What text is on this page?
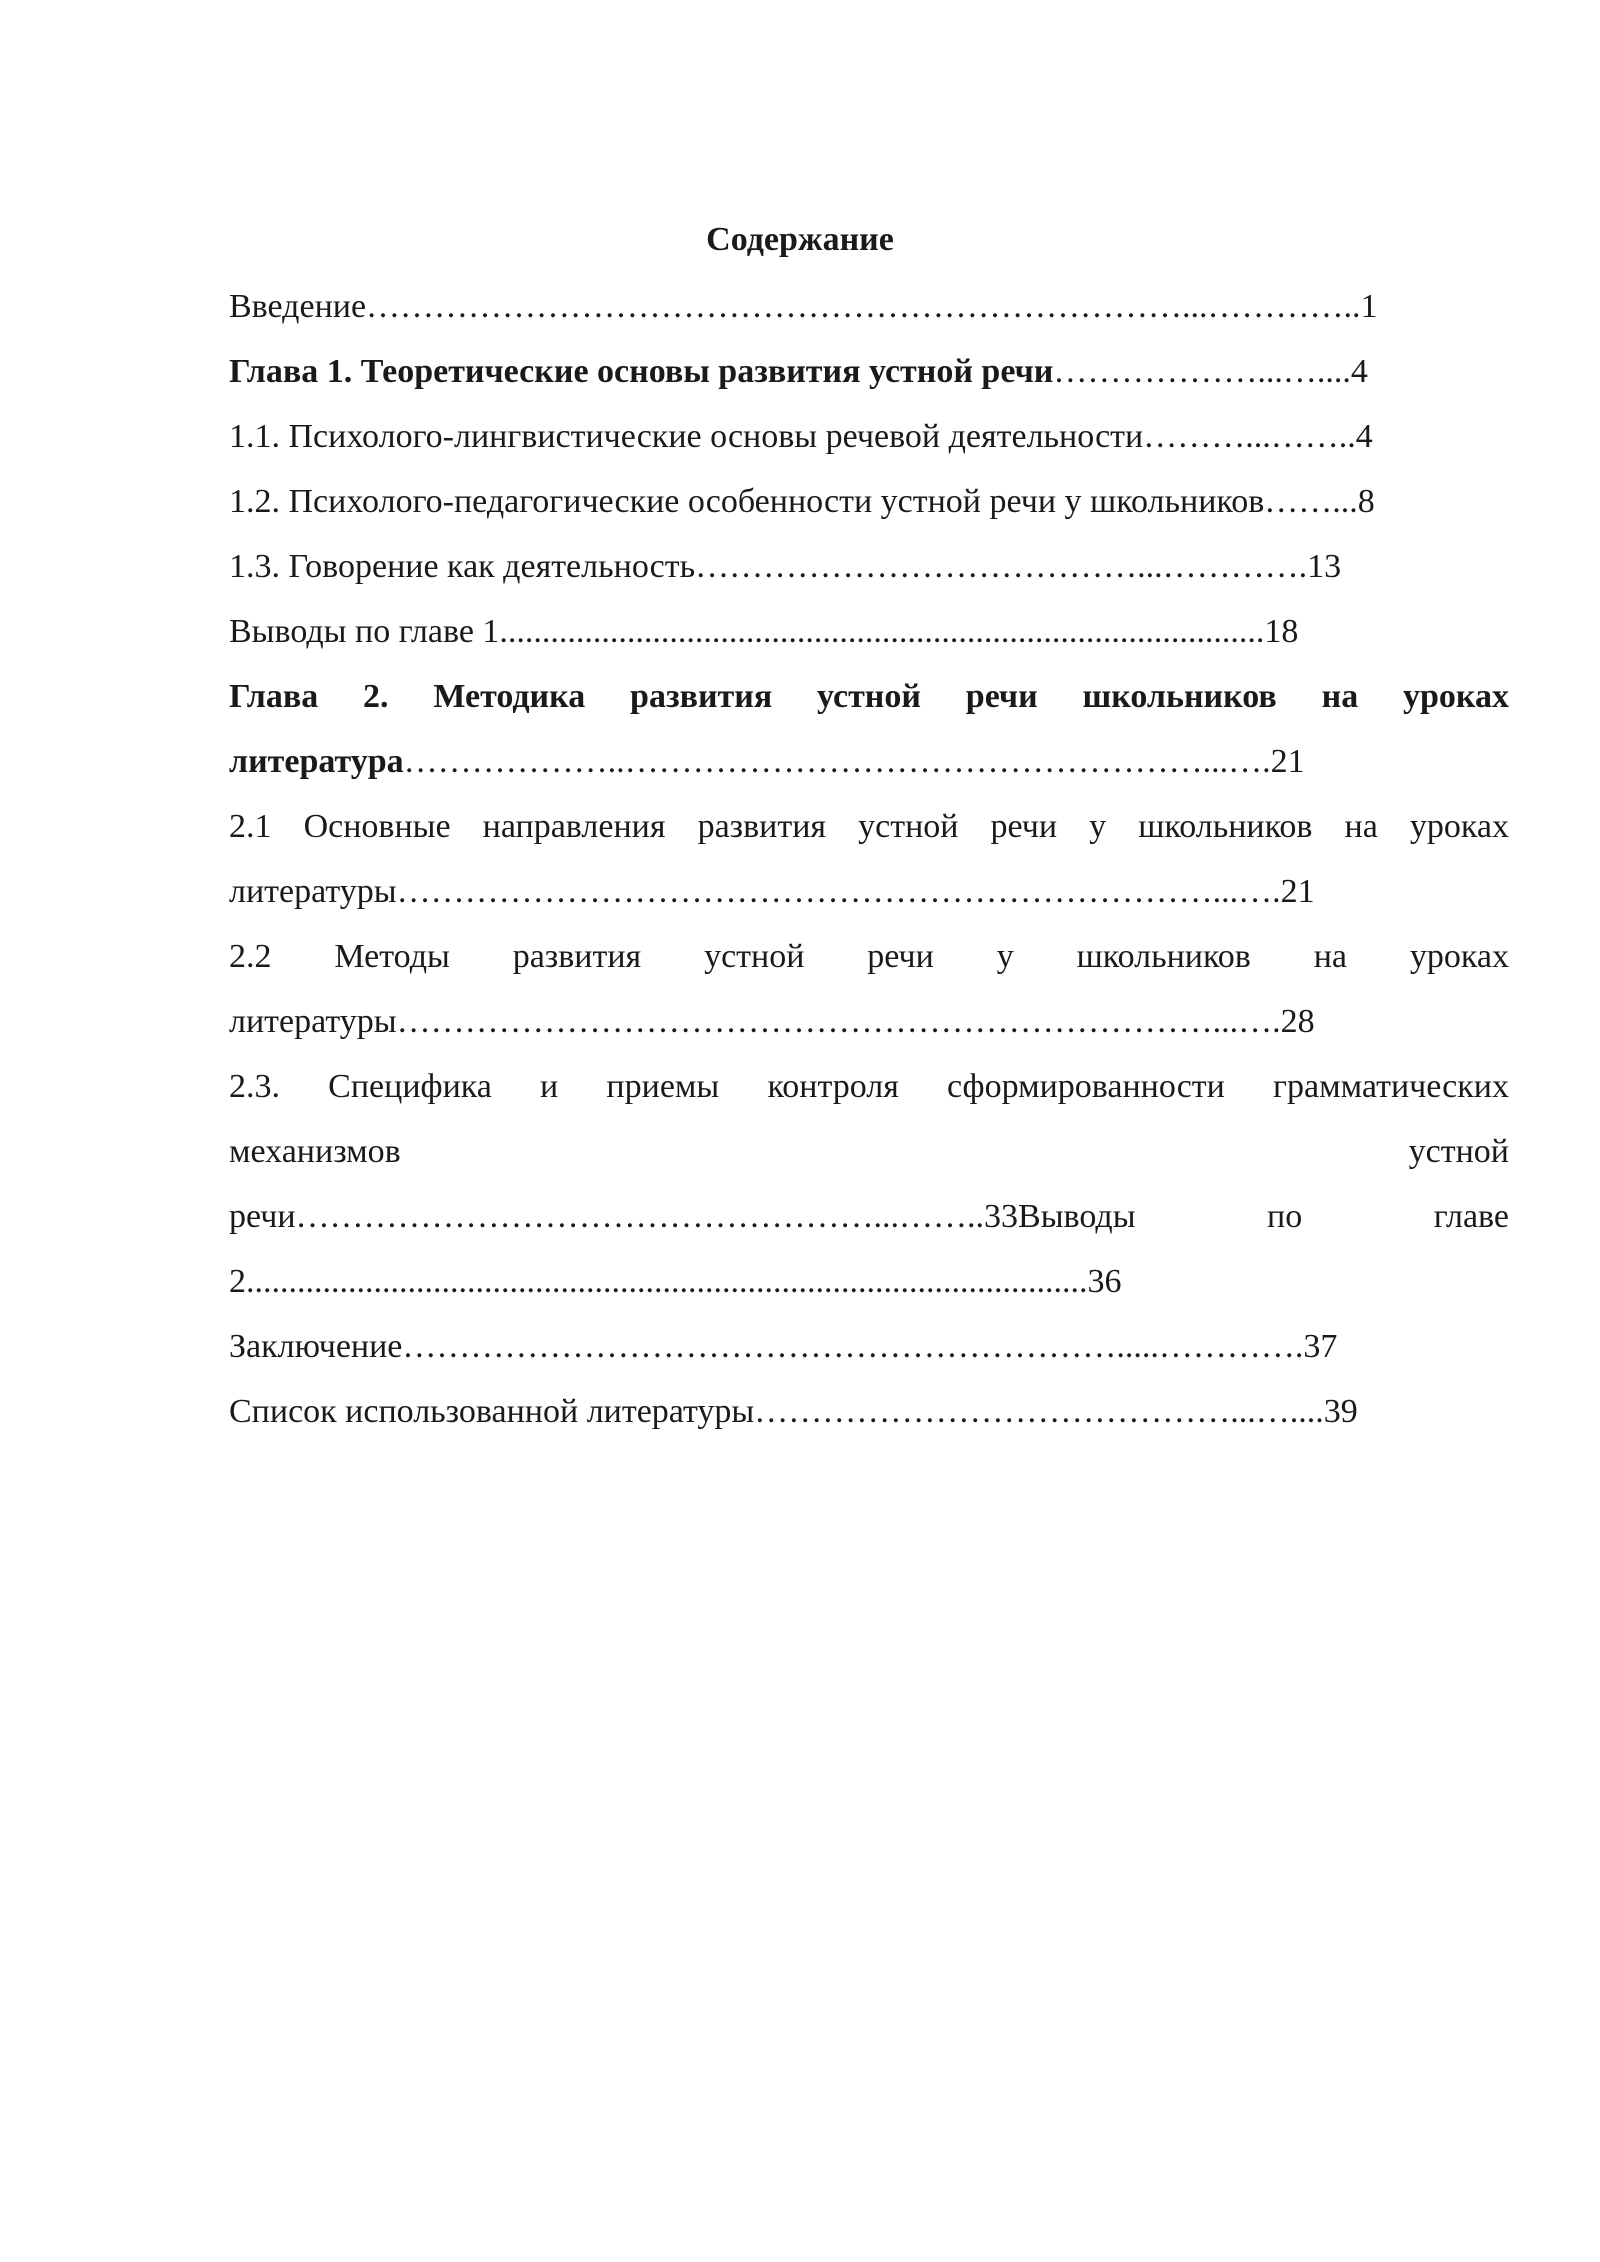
Содержание
Введение………………………………………………………………...…………..1
Глава 1. Теоретические основы развития устной речи………………...…....4
1.1. Психолого-лингвистические основы речевой деятельности………...……..4
1.2. Психолого-педагогические особенности устной речи у школьников……...8
1.3. Говорение как деятельность…………………………………...………….13
Выводы по главе 1..........................................................................................18
Глава 2. Методика развития устной речи школьников на уроках
литература………………..……………………………………………...….21
2.1 Основные направления развития устной речи у школьников на уроках
литературы………………………………………………………………...….21
2.2 Методы развития устной речи у школьников на уроках
литературы………………………………………………………………...….28
2.3. Специфика и приемы контроля сформированности грамматических
механизмов устной
речи……………………………………………...……..33Выводы по главе
2...................................................................................................36
Заключение……………………………………………………….....………….37
Список использованной литературы……………………………………...…....39
